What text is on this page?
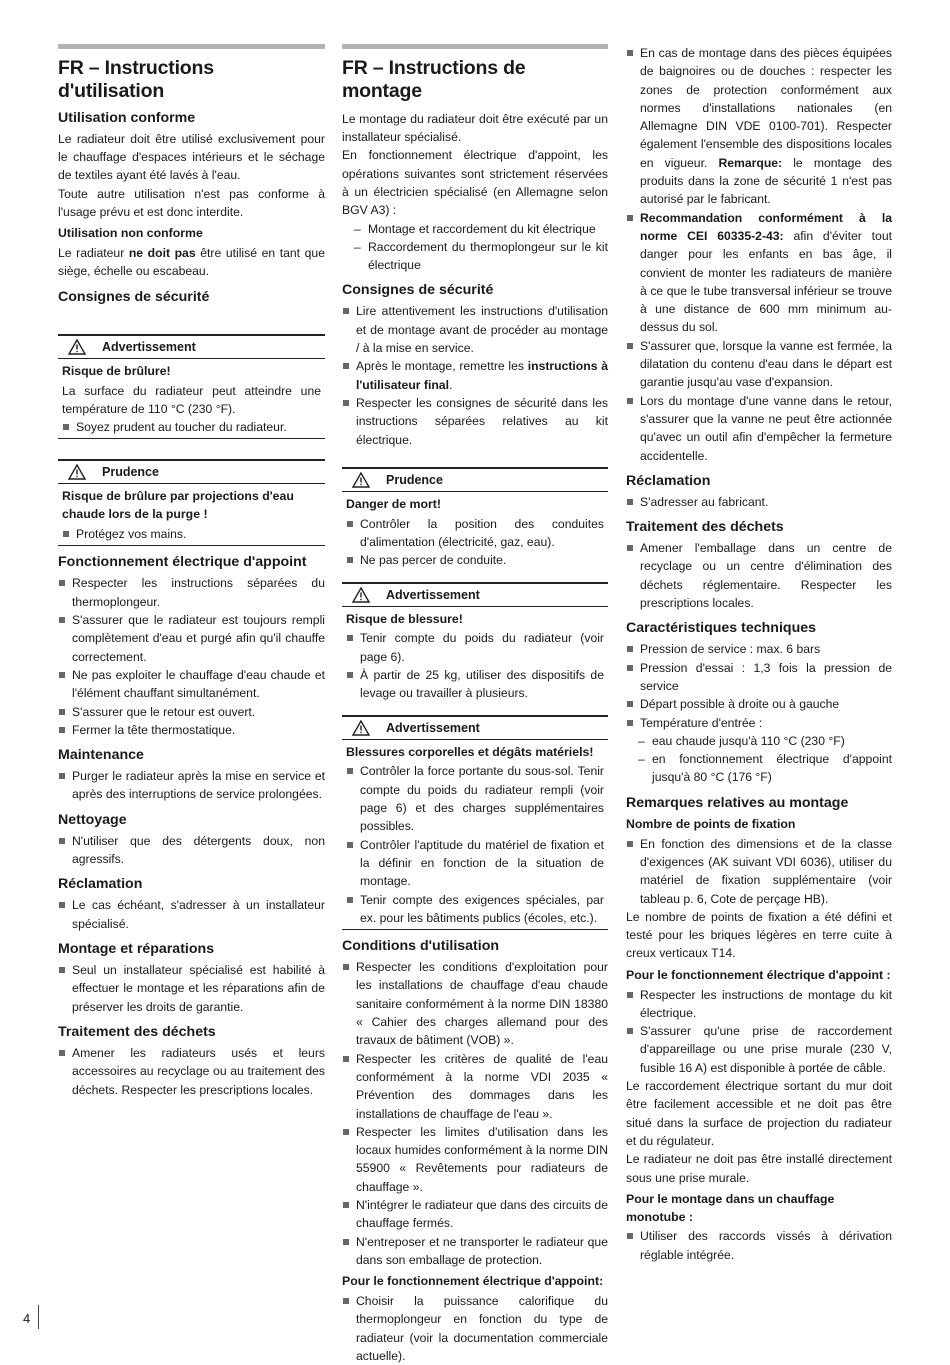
FR – Instructions d'utilisation
Utilisation conforme

Le radiateur doit être utilisé exclusivement pour le chauffage d'espaces intérieurs et le séchage de textiles ayant été lavés à l'eau.

Toute autre utilisation n'est pas conforme à l'usage prévu et est donc interdite.

Utilisation non conforme

Le radiateur ne doit pas être utilisé en tant que siège, échelle ou escabeau.

Consignes de sécurité
Advertissement
Risque de brûlure!

La surface du radiateur peut atteindre une température de 110 °C (230 °F).

Soyez prudent au toucher du radiateur.
Prudence
Risque de brûlure par projections d'eau chaude lors de la purge !
Protégez vos mains.
Fonctionnement électrique d'appoint
Respecter les instructions séparées du thermoplongeur.
S'assurer que le radiateur est toujours rempli complètement d'eau et purgé afin qu'il chauffe correctement.
Ne pas exploiter le chauffage d'eau chaude et l'élément chauffant simultanément.
S'assurer que le retour est ouvert.
Fermer la tête thermostatique.
Maintenance
Purger le radiateur après la mise en service et après des interruptions de service prolongées.
Nettoyage
N'utiliser que des détergents doux, non agressifs.
Réclamation
Le cas échéant, s'adresser à un installateur spécialisé.
Montage et réparations
Seul un installateur spécialisé est habilité à effectuer le montage et les réparations afin de préserver les droits de garantie.
Traitement des déchets
Amener les radiateurs usés et leurs accessoires au recyclage ou au traitement des déchets. Respecter les prescriptions locales.
FR – Instructions de montage

Le montage du radiateur doit être exécuté par un installateur spécialisé.

En fonctionnement électrique d'appoint, les opérations suivantes sont strictement réservées à un électricien spécialisé (en Allemagne selon BGV A3) :

– Montage et raccordement du kit électrique
– Raccordement du thermoplongeur sur le kit électrique
Consignes de sécurité
Lire attentivement les instructions d'utilisation et de montage avant de procéder au montage / à la mise en service.
Après le montage, remettre les instructions à l'utilisateur final.
Respecter les consignes de sécurité dans les instructions séparées relatives au kit électrique.
Prudence
Danger de mort!
Contrôler la position des conduites d'alimentation (électricité, gaz, eau).
Ne pas percer de conduite.
Advertissement
Risque de blessure!
Tenir compte du poids du radiateur (voir page 6).
À partir de 25 kg, utiliser des dispositifs de levage ou travailler à plusieurs.
Advertissement
Blessures corporelles et dégâts matériels!
Contrôler la force portante du sous-sol. Tenir compte du poids du radiateur rempli (voir page 6) et des charges supplémentaires possibles.
Contrôler l'aptitude du matériel de fixation et la définir en fonction de la situation de montage.
Tenir compte des exigences spéciales, par ex. pour les bâtiments publics (écoles, etc.).
Conditions d'utilisation
Respecter les conditions d'exploitation pour les installations de chauffage d'eau chaude sanitaire conformément à la norme DIN 18380 « Cahier des charges allemand pour des travaux de bâtiment (VOB) ».
Respecter les critères de qualité de l'eau conformément à la norme VDI 2035 « Prévention des dommages dans les installations de chauffage de l'eau ».
Respecter les limites d'utilisation dans les locaux humides conformément à la norme DIN 55900 « Revêtements pour radiateurs de chauffage ».
N'intégrer le radiateur que dans des circuits de chauffage fermés.
N'entreposer et ne transporter le radiateur que dans son emballage de protection.
Pour le fonctionnement électrique d'appoint:
Choisir la puissance calorifique du thermoplongeur en fonction du type de radiateur (voir la documentation commerciale actuelle).
En cas de montage dans des pièces équipées de baignoires ou de douches : respecter les zones de protection conformément aux normes d'installations nationales (en Allemagne DIN VDE 0100-701). Respecter également l'ensemble des dispositions locales en vigueur. Remarque: le montage des produits dans la zone de sécurité 1 n'est pas autorisé par le fabricant.
Recommandation conformément à la norme CEI 60335-2-43: afin d'éviter tout danger pour les enfants en bas âge, il convient de monter les radiateurs de manière à ce que le tube transversal inférieur se trouve à une distance de 600 mm minimum au-dessus du sol.
S'assurer que, lorsque la vanne est fermée, la dilatation du contenu d'eau dans le départ est garantie jusqu'au vase d'expansion.
Lors du montage d'une vanne dans le retour, s'assurer que la vanne ne peut être actionnée qu'avec un outil afin d'empêcher la fermeture accidentelle.
Réclamation
S'adresser au fabricant.
Traitement des déchets
Amener l'emballage dans un centre de recyclage ou un centre d'élimination des déchets réglementaire. Respecter les prescriptions locales.
Caractéristiques techniques
Pression de service : max. 6 bars
Pression d'essai : 1,3 fois la pression de service
Départ possible à droite ou à gauche
Température d'entrée :
– eau chaude jusqu'à 110 °C (230 °F)
– en fonctionnement électrique d'appoint jusqu'à 80 °C (176 °F)
Remarques relatives au montage
Nombre de points de fixation
En fonction des dimensions et de la classe d'exigences (AK suivant VDI 6036), utiliser du matériel de fixation supplémentaire (voir tableau p. 6, Cote de perçage HB).

Le nombre de points de fixation a été défini et testé pour les briques légères en terre cuite à creux verticaux T14.

Pour le fonctionnement électrique d'appoint :
Respecter les instructions de montage du kit électrique.
S'assurer qu'une prise de raccordement d'appareillage ou une prise murale (230 V, fusible 16 A) est disponible à portée de câble.

Le raccordement électrique sortant du mur doit être facilement accessible et ne doit pas être situé dans la surface de projection du radiateur et du régulateur.

Le radiateur ne doit pas être installé directement sous une prise murale.

Pour le montage dans un chauffage monotube :
Utiliser des raccords vissés à dérivation réglable intégrée.
4
